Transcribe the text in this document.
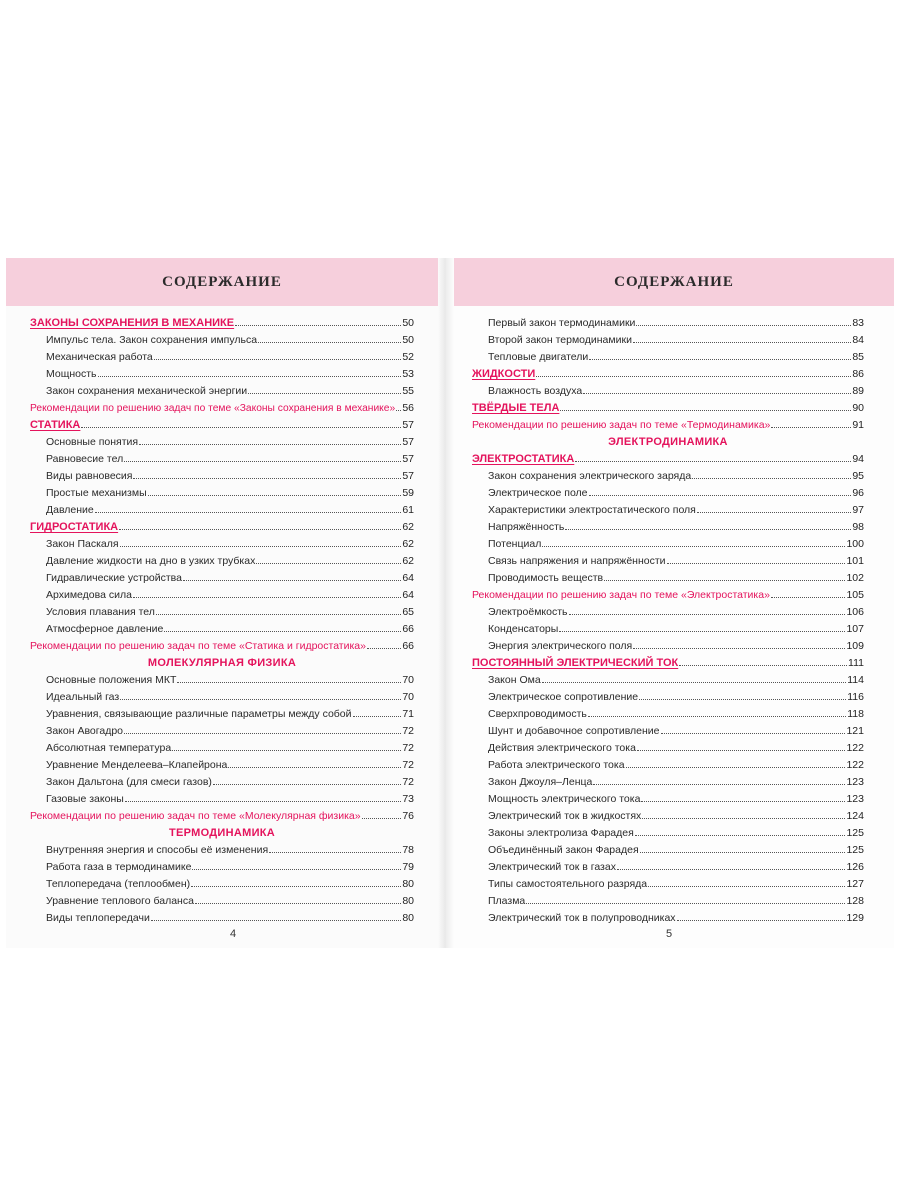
СОДЕРЖАНИЕ
ЗАКОНЫ СОХРАНЕНИЯ В МЕХАНИКЕ	50
Импульс тела. Закон сохранения импульса	50
Механическая работа	52
Мощность	53
Закон сохранения механической энергии	55
Рекомендации по решению задач по теме «Законы сохранения в механике» 56
СТАТИКА	57
Основные понятия	57
Равновесие тел	57
Виды равновесия	57
Простые механизмы	59
Давление	61
ГИДРОСТАТИКА	62
Закон Паскаля	62
Давление жидкости на дно в узких трубках	62
Гидравлические устройства	64
Архимедова сила	64
Условия плавания тел	65
Атмосферное давление	66
Рекомендации по решению задач по теме «Статика и гидростатика»	66
МОЛЕКУЛЯРНАЯ ФИЗИКА
Основные положения МКТ	70
Идеальный газ	70
Уравнения, связывающие различные параметры между собой	71
Закон Авогадро	72
Абсолютная температура	72
Уравнение Менделеева–Клапейрона	72
Закон Дальтона (для смеси газов)	72
Газовые законы	73
Рекомендации по решению задач по теме «Молекулярная физика»	76
ТЕРМОДИНАМИКА
Внутренняя энергия и способы её изменения	78
Работа газа в термодинамике	79
Теплопередача (теплообмен)	80
Уравнение теплового баланса	80
Виды теплопередачи	80
4
СОДЕРЖАНИЕ
Первый закон термодинамики	83
Второй закон термодинамики	84
Тепловые двигатели	85
ЖИДКОСТИ	86
Влажность воздуха	89
ТВЁРДЫЕ ТЕЛА	90
Рекомендации по решению задач по теме «Термодинамика»	91
ЭЛЕКТРОДИНАМИКА
ЭЛЕКТРОСТАТИКА	94
Закон сохранения электрического заряда	95
Электрическое поле	96
Характеристики электростатического поля	97
Напряжённость	98
Потенциал	100
Связь напряжения и напряжённости	101
Проводимость веществ	102
Рекомендации по решению задач по теме «Электростатика»	105
Электроёмкость	106
Конденсаторы	107
Энергия электрического поля	109
ПОСТОЯННЫЙ ЭЛЕКТРИЧЕСКИЙ ТОК	111
Закон Ома	114
Электрическое сопротивление	116
Сверхпроводимость	118
Шунт и добавочное сопротивление	121
Действия электрического тока	122
Работа электрического тока	122
Закон Джоуля–Ленца	123
Мощность электрического тока	123
Электрический ток в жидкостях	124
Законы электролиза Фарадея	125
Объединённый закон Фарадея	125
Электрический ток в газах	126
Типы самостоятельного разряда	127
Плазма	128
Электрический ток в полупроводниках	129
5
